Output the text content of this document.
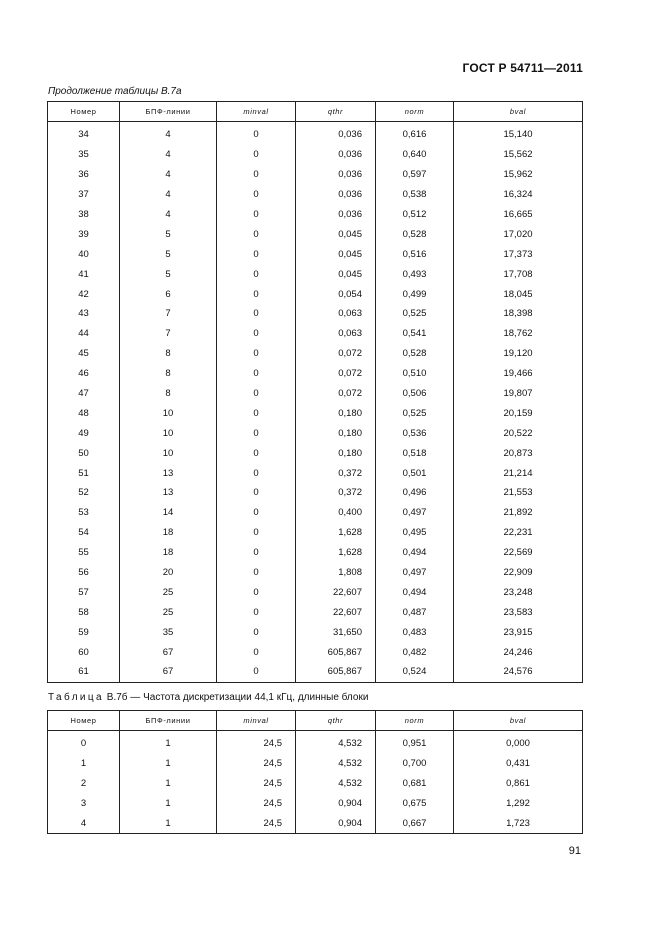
ГОСТ Р 54711—2011
Продолжение таблицы В.7а
Номер	БПФ-линии	minval	qthr	norm	bval

34	4	0	0,036	0,616	15,140
35	4	0	0,036	0,640	15,562
36	4	0	0,036	0,597	15,962
37	4	0	0,036	0,538	16,324
38	4	0	0,036	0,512	16,665
39	5	0	0,045	0,528	17,020
40	5	0	0,045	0,516	17,373
41	5	0	0,045	0,493	17,708
42	6	0	0,054	0,499	18,045
43	7	0	0,063	0,525	18,398
44	7	0	0,063	0,541	18,762
45	8	0	0,072	0,528	19,120
46	8	0	0,072	0,510	19,466
47	8	0	0,072	0,506	19,807
48	10	0	0,180	0,525	20,159
49	10	0	0,180	0,536	20,522
50	10	0	0,180	0,518	20,873
51	13	0	0,372	0,501	21,214
52	13	0	0,372	0,496	21,553
53	14	0	0,400	0,497	21,892
54	18	0	1,628	0,495	22,231
55	18	0	1,628	0,494	22,569
56	20	0	1,808	0,497	22,909
57	25	0	22,607	0,494	23,248
58	25	0	22,607	0,487	23,583
59	35	0	31,650	0,483	23,915
60	67	0	605,867	0,482	24,246
61	67	0	605,867	0,524	24,576
Таблица В.7б — Частота дискретизации 44,1 кГц, длинные блоки
Номер	БПФ-линии	minval	qthr	norm	bval

0	1	24,5	4,532	0,951	0,000
1	1	24,5	4,532	0,700	0,431
2	1	24,5	4,532	0,681	0,861
3	1	24,5	0,904	0,675	1,292
4	1	24,5	0,904	0,667	1,723
91
